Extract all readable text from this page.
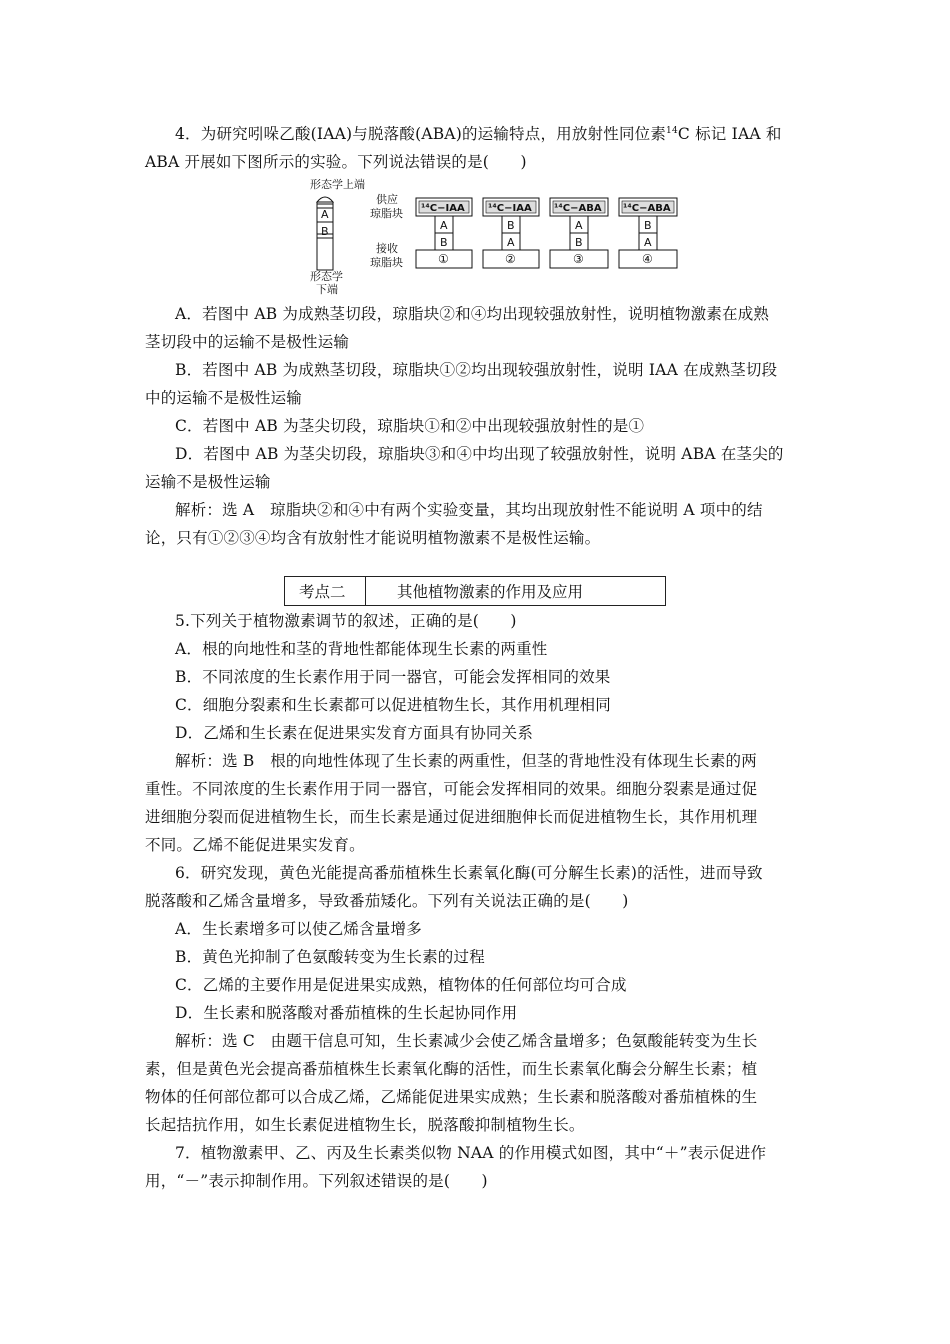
4．为研究吲哚乙酸(IAA)与脱落酸(ABA)的运输特点，用放射性同位素$^{14}$C 标记 IAA 和
ABA 开展如下图所示的实验。下列说法错误的是(　　)
形态学上端
A
B
形态学
下端
供应
琼脂块
接收
琼脂块
¹⁴C−IAA
A
B
①
¹⁴C−IAA
B
A
②
¹⁴C−ABA
A
B
③
¹⁴C−ABA
B
A
④
A．若图中 AB 为成熟茎切段，琼脂块②和④均出现较强放射性，说明植物激素在成熟
茎切段中的运输不是极性运输
B．若图中 AB 为成熟茎切段，琼脂块①②均出现较强放射性，说明 IAA 在成熟茎切段
中的运输不是极性运输
C．若图中 AB 为茎尖切段，琼脂块①和②中出现较强放射性的是①
D．若图中 AB 为茎尖切段，琼脂块③和④中均出现了较强放射性，说明 ABA 在茎尖的
运输不是极性运输
解析：选 A　琼脂块②和④中有两个实验变量，其均出现放射性不能说明 A 项中的结
论，只有①②③④均含有放射性才能说明植物激素不是极性运输。
考点二	其他植物激素的作用及应用
5.下列关于植物激素调节的叙述，正确的是(　　)
A．根的向地性和茎的背地性都能体现生长素的两重性
B．不同浓度的生长素作用于同一器官，可能会发挥相同的效果
C．细胞分裂素和生长素都可以促进植物生长，其作用机理相同
D．乙烯和生长素在促进果实发育方面具有协同关系
解析：选 B　根的向地性体现了生长素的两重性，但茎的背地性没有体现生长素的两
重性。不同浓度的生长素作用于同一器官，可能会发挥相同的效果。细胞分裂素是通过促
进细胞分裂而促进植物生长，而生长素是通过促进细胞伸长而促进植物生长，其作用机理
不同。乙烯不能促进果实发育。
6．研究发现，黄色光能提高番茄植株生长素氧化酶(可分解生长素)的活性，进而导致
脱落酸和乙烯含量增多，导致番茄矮化。下列有关说法正确的是(　　)
A．生长素增多可以使乙烯含量增多
B．黄色光抑制了色氨酸转变为生长素的过程
C．乙烯的主要作用是促进果实成熟，植物体的任何部位均可合成
D．生长素和脱落酸对番茄植株的生长起协同作用
解析：选 C　由题干信息可知，生长素减少会使乙烯含量增多；色氨酸能转变为生长
素，但是黄色光会提高番茄植株生长素氧化酶的活性，而生长素氧化酶会分解生长素；植
物体的任何部位都可以合成乙烯，乙烯能促进果实成熟；生长素和脱落酸对番茄植株的生
长起拮抗作用，如生长素促进植物生长，脱落酸抑制植物生长。
7．植物激素甲、乙、丙及生长素类似物 NAA 的作用模式如图，其中“＋”表示促进作
用，“－”表示抑制作用。下列叙述错误的是(　　)
